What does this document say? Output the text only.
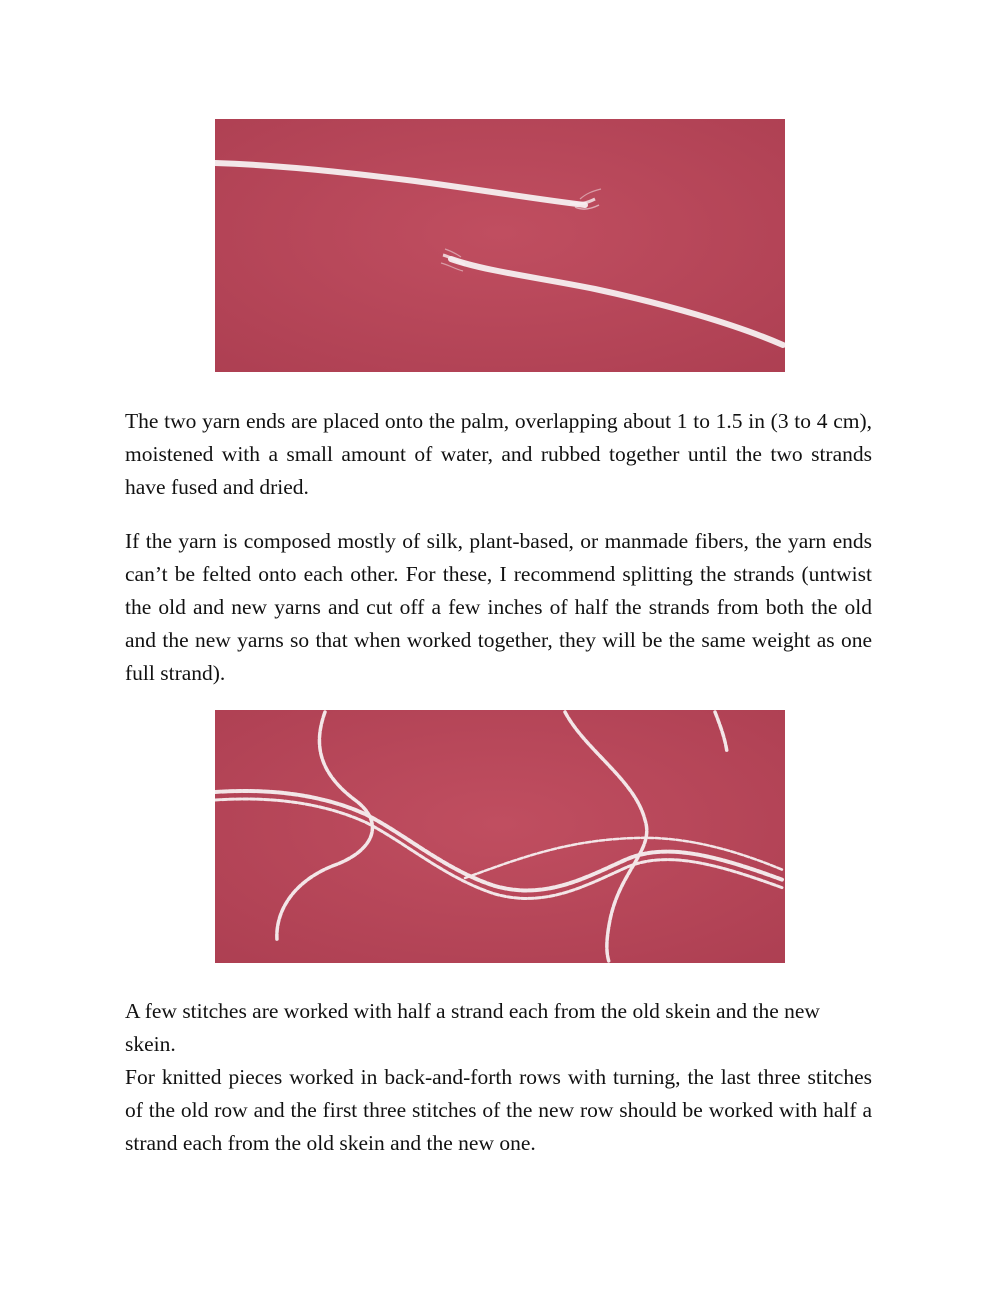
The two yarn ends are placed onto the palm, overlapping about 1 to 1.5 in (3 to 4 cm), moistened with a small amount of water, and rubbed together until the two strands have fused and dried.

If the yarn is composed mostly of silk, plant-based, or manmade fibers, the yarn ends can’t be felted onto each other. For these, I recommend splitting the strands (untwist the old and new yarns and cut off a few inches of half the strands from both the old and the new yarns so that when worked together, they will be the same weight as one full strand).

A few stitches are worked with half a strand each from the old skein and the new skein.

For knitted pieces worked in back-and-forth rows with turning, the last three stitches of the old row and the first three stitches of the new row should be worked with half a strand each from the old skein and the new one.
